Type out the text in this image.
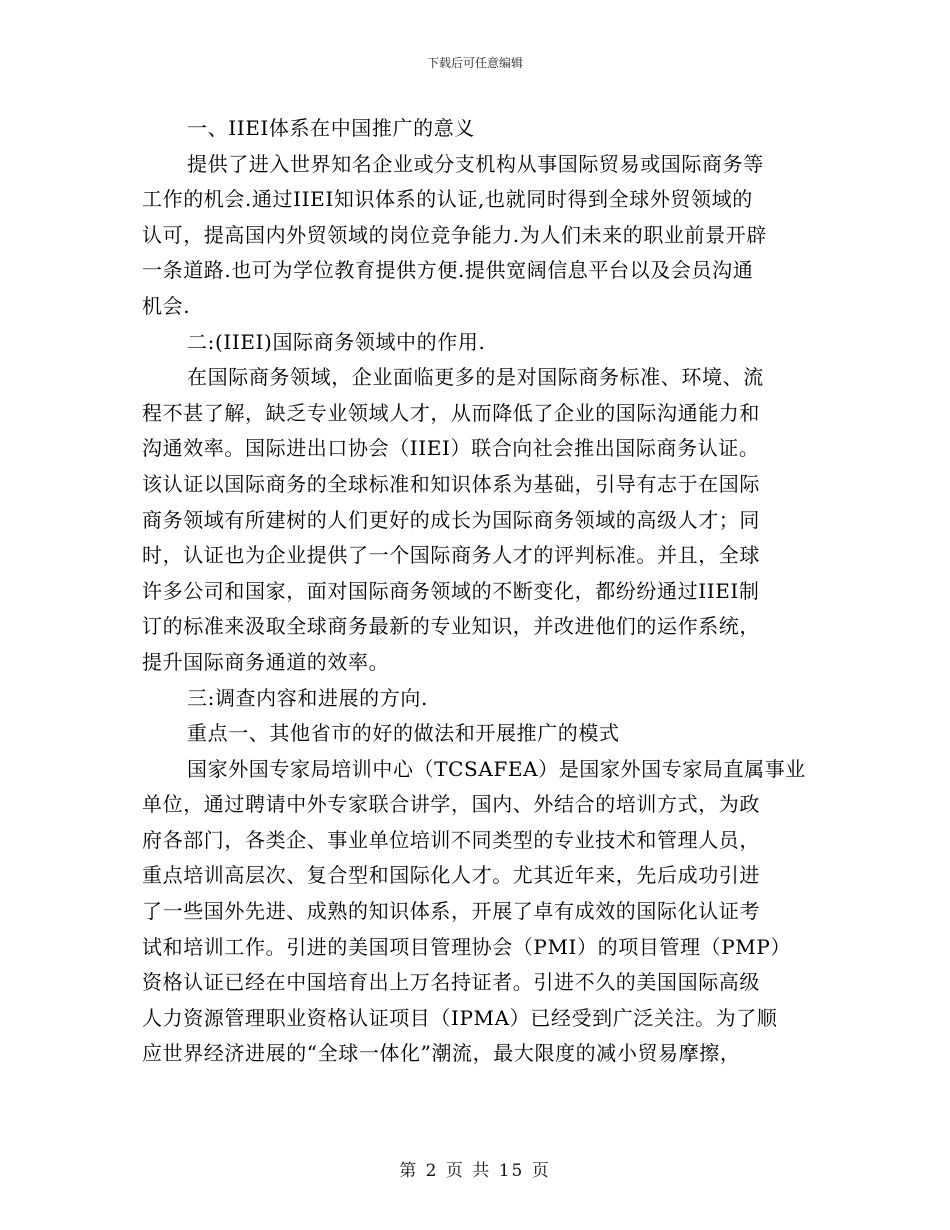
下载后可任意编辑
一、IIEI体系在中国推广的意义
提供了进入世界知名企业或分支机构从事国际贸易或国际商务等
工作的机会.通过IIEI知识体系的认证,也就同时得到全球外贸领域的
认可，提高国内外贸领域的岗位竞争能力.为人们未来的职业前景开辟
一条道路.也可为学位教育提供方便.提供宽阔信息平台以及会员沟通
机会.
二:(IIEI)国际商务领域中的作用.
在国际商务领域，企业面临更多的是对国际商务标准、环境、流
程不甚了解，缺乏专业领域人才，从而降低了企业的国际沟通能力和
沟通效率。国际进出口协会（IIEI）联合向社会推出国际商务认证。
该认证以国际商务的全球标准和知识体系为基础，引导有志于在国际
商务领域有所建树的人们更好的成长为国际商务领域的高级人才；同
时，认证也为企业提供了一个国际商务人才的评判标准。并且，全球
许多公司和国家，面对国际商务领域的不断变化，都纷纷通过IIEI制
订的标准来汲取全球商务最新的专业知识，并改进他们的运作系统，
提升国际商务通道的效率。
三:调查内容和进展的方向.
重点一、其他省市的好的做法和开展推广的模式
国家外国专家局培训中心（TCSAFEA）是国家外国专家局直属事业
单位，通过聘请中外专家联合讲学，国内、外结合的培训方式，为政
府各部门，各类企、事业单位培训不同类型的专业技术和管理人员，
重点培训高层次、复合型和国际化人才。尤其近年来，先后成功引进
了一些国外先进、成熟的知识体系，开展了卓有成效的国际化认证考
试和培训工作。引进的美国项目管理协会（PMI）的项目管理（PMP）
资格认证已经在中国培育出上万名持证者。引进不久的美国国际高级
人力资源管理职业资格认证项目（IPMA）已经受到广泛关注。为了顺
应世界经济进展的“全球一体化”潮流，最大限度的减小贸易摩擦，
第 2 页 共 15 页
